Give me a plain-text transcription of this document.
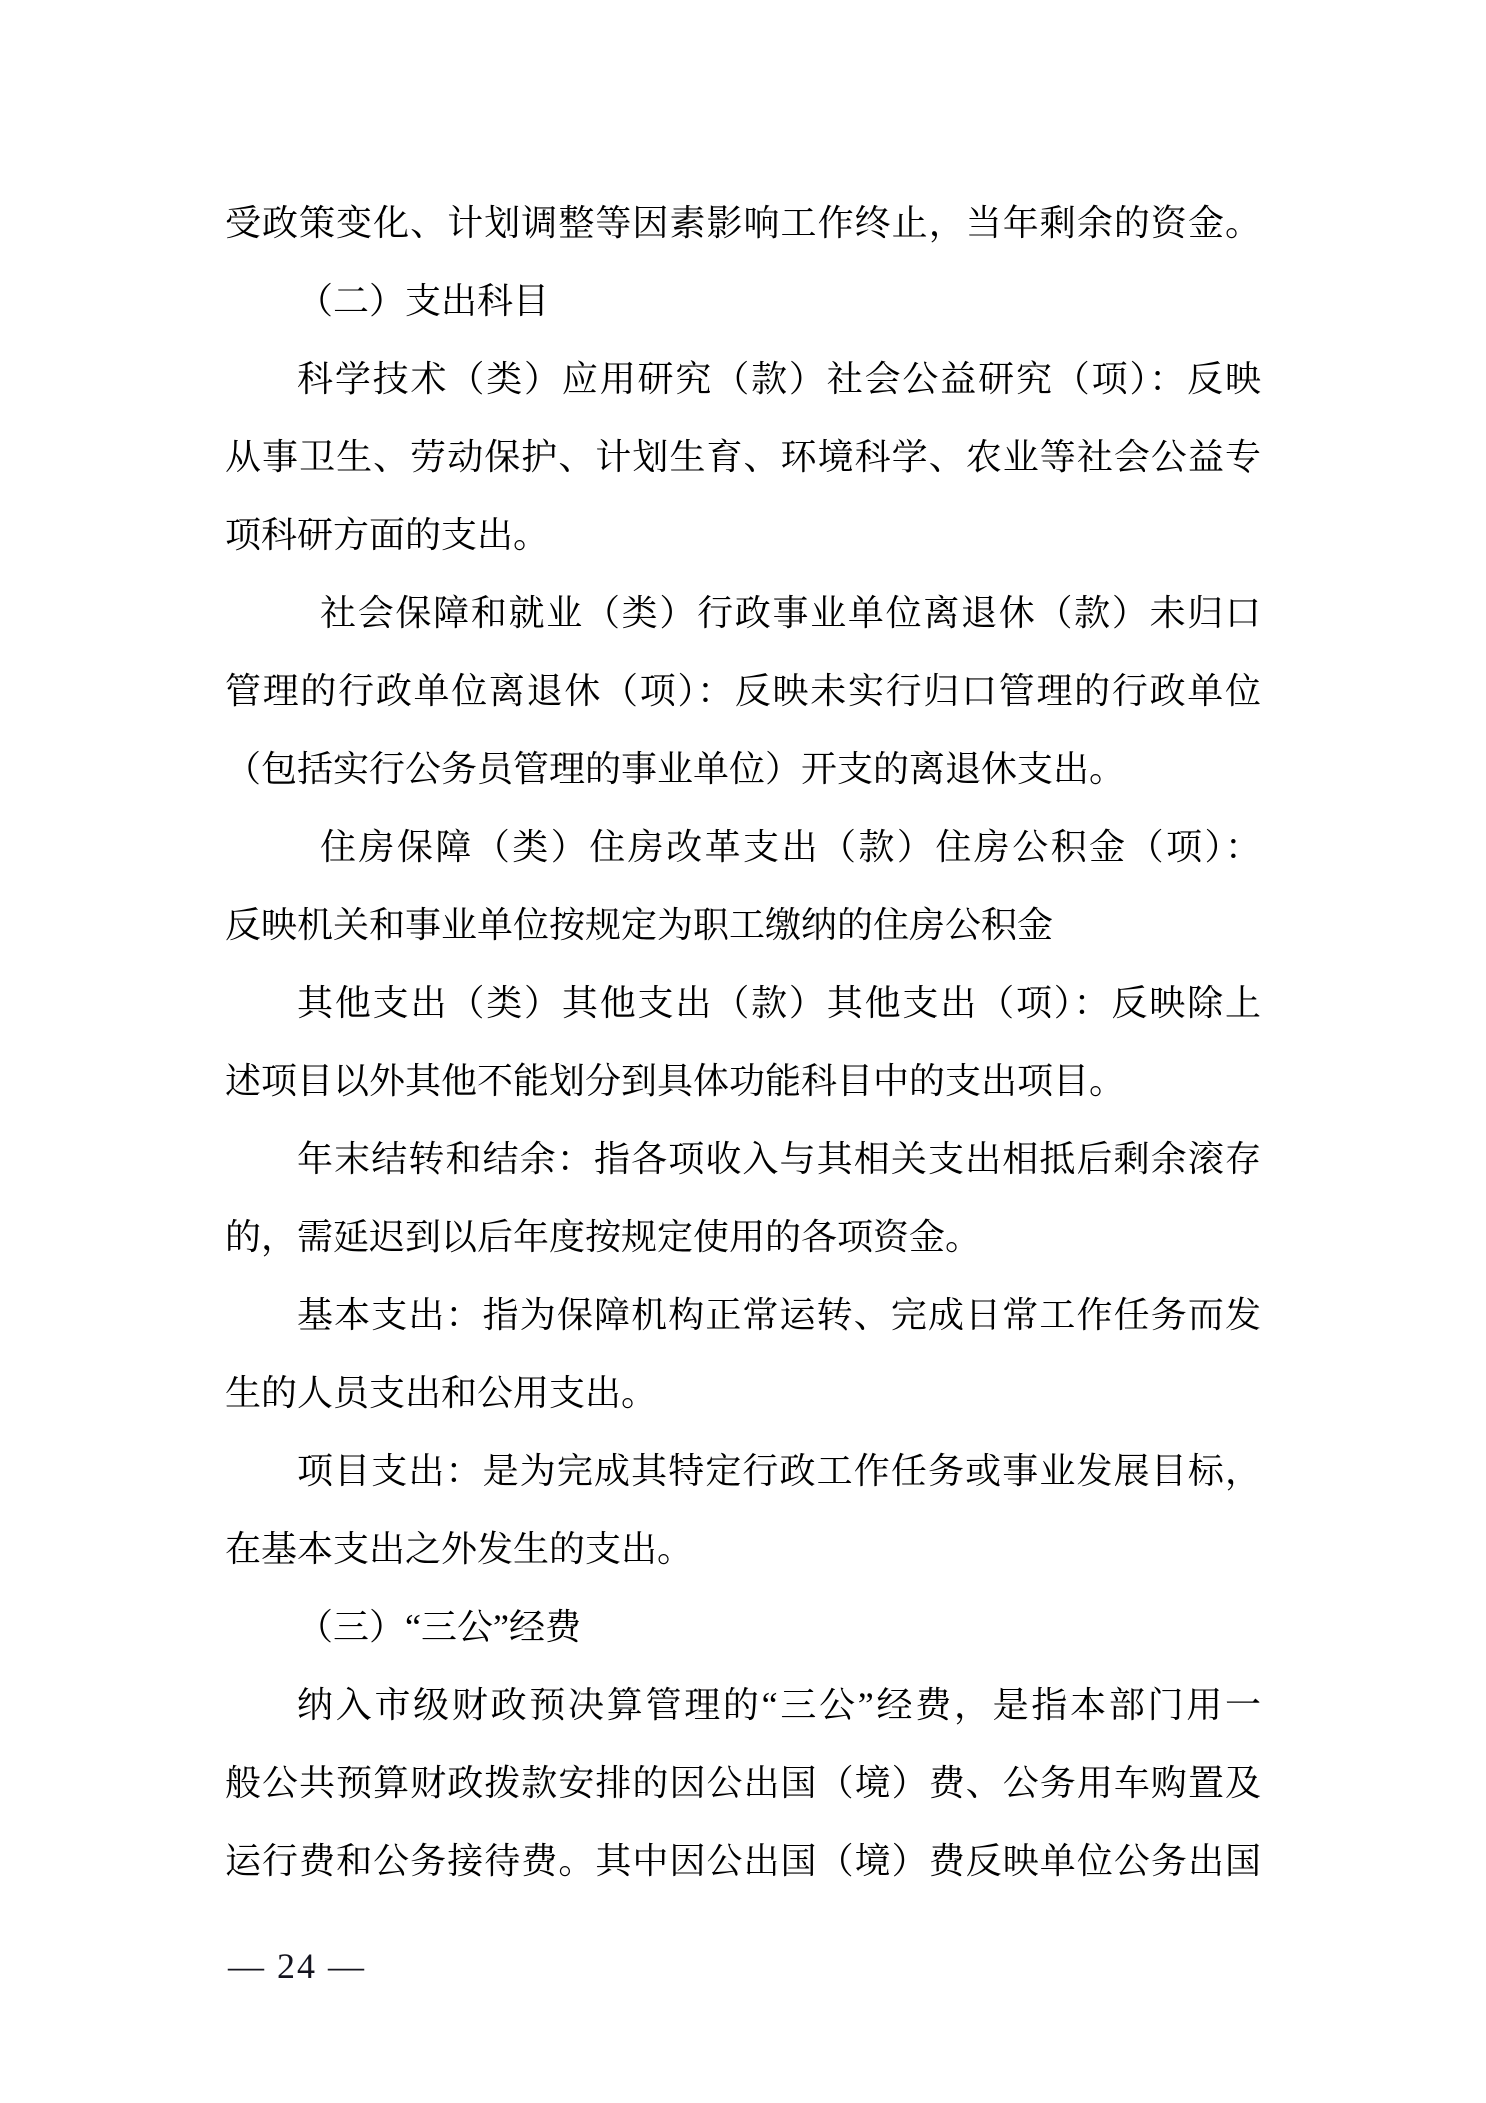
受政策变化、计划调整等因素影响工作终止，当年剩余的资金。
（二）支出科目
科学技术（类）应用研究（款）社会公益研究（项）：反映
从事卫生、劳动保护、计划生育、环境科学、农业等社会公益专
项科研方面的支出。
社会保障和就业（类）行政事业单位离退休（款）未归口
管理的行政单位离退休（项）：反映未实行归口管理的行政单位
（包括实行公务员管理的事业单位）开支的离退休支出。
住房保障（类）住房改革支出（款）住房公积金（项）：
反映机关和事业单位按规定为职工缴纳的住房公积金
其他支出（类）其他支出（款）其他支出（项）：反映除上
述项目以外其他不能划分到具体功能科目中的支出项目。
年末结转和结余：指各项收入与其相关支出相抵后剩余滚存
的，需延迟到以后年度按规定使用的各项资金。
基本支出：指为保障机构正常运转、完成日常工作任务而发
生的人员支出和公用支出。
项目支出：是为完成其特定行政工作任务或事业发展目标，
在基本支出之外发生的支出。
（三）“三公”经费
纳入市级财政预决算管理的“三公”经费，是指本部门用一
般公共预算财政拨款安排的因公出国（境）费、公务用车购置及
运行费和公务接待费。其中因公出国（境）费反映单位公务出国
— 24 —
